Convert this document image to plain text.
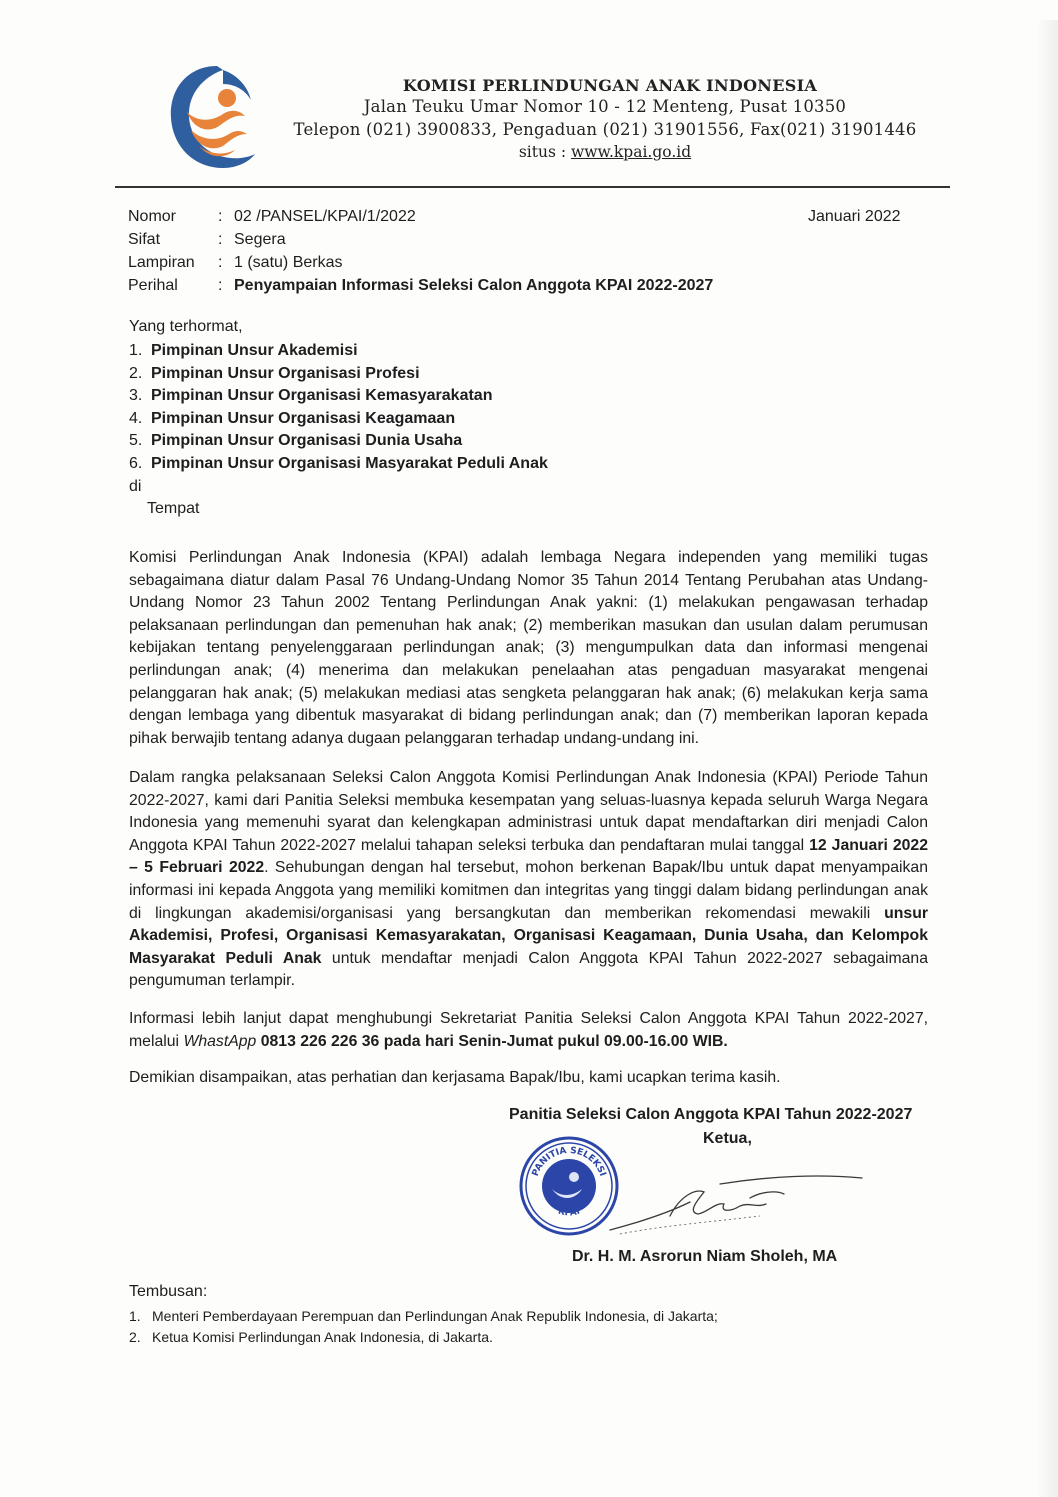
KOMISI PERLINDUNGAN ANAK INDONESIA
Jalan Teuku Umar Nomor 10 - 12 Menteng, Pusat 10350
Telepon (021) 3900833, Pengaduan (021) 31901556, Fax(021) 31901446
situs : www.kpai.go.id
Nomor	: 02 /PANSEL/KPAI/1/2022
Sifat	: Segera
Lampiran	: 1 (satu) Berkas
Perihal	: Penyampaian Informasi Seleksi Calon Anggota KPAI 2022-2027
Januari 2022
Yang terhormat,
1. Pimpinan Unsur Akademisi
2. Pimpinan Unsur Organisasi Profesi
3. Pimpinan Unsur Organisasi Kemasyarakatan
4. Pimpinan Unsur Organisasi Keagamaan
5. Pimpinan Unsur Organisasi Dunia Usaha
6. Pimpinan Unsur Organisasi Masyarakat Peduli Anak
di
Tempat

Komisi Perlindungan Anak Indonesia (KPAI) adalah lembaga Negara independen yang memiliki tugas sebagaimana diatur dalam Pasal 76 Undang-Undang Nomor 35 Tahun 2014 Tentang Perubahan atas Undang-Undang Nomor 23 Tahun 2002 Tentang Perlindungan Anak yakni: (1) melakukan pengawasan terhadap pelaksanaan perlindungan dan pemenuhan hak anak; (2) memberikan masukan dan usulan dalam perumusan kebijakan tentang penyelenggaraan perlindungan anak; (3) mengumpulkan data dan informasi mengenai perlindungan anak; (4) menerima dan melakukan penelaahan atas pengaduan masyarakat mengenai pelanggaran hak anak; (5) melakukan mediasi atas sengketa pelanggaran hak anak; (6) melakukan kerja sama dengan lembaga yang dibentuk masyarakat di bidang perlindungan anak; dan (7) memberikan laporan kepada pihak berwajib tentang adanya dugaan pelanggaran terhadap undang-undang ini.

Dalam rangka pelaksanaan Seleksi Calon Anggota Komisi Perlindungan Anak Indonesia (KPAI) Periode Tahun 2022-2027, kami dari Panitia Seleksi membuka kesempatan yang seluas-luasnya kepada seluruh Warga Negara Indonesia yang memenuhi syarat dan kelengkapan administrasi untuk dapat mendaftarkan diri menjadi Calon Anggota KPAI Tahun 2022-2027 melalui tahapan seleksi terbuka dan pendaftaran mulai tanggal 12 Januari 2022 – 5 Februari 2022. Sehubungan dengan hal tersebut, mohon berkenan Bapak/Ibu untuk dapat menyampaikan informasi ini kepada Anggota yang memiliki komitmen dan integritas yang tinggi dalam bidang perlindungan anak di lingkungan akademisi/organisasi yang bersangkutan dan memberikan rekomendasi mewakili unsur Akademisi, Profesi, Organisasi Kemasyarakatan, Organisasi Keagamaan, Dunia Usaha, dan Kelompok Masyarakat Peduli Anak untuk mendaftar menjadi Calon Anggota KPAI Tahun 2022-2027 sebagaimana pengumuman terlampir.

Informasi lebih lanjut dapat menghubungi Sekretariat Panitia Seleksi Calon Anggota KPAI Tahun 2022-2027, melalui WhastApp 0813 226 226 36 pada hari Senin-Jumat pukul 09.00-16.00 WIB.

Demikian disampaikan, atas perhatian dan kerjasama Bapak/Ibu, kami ucapkan terima kasih.

Panitia Seleksi Calon Anggota KPAI Tahun 2022-2027
Ketua,
PANITIA SELEKSI
KPAI
Dr. H. M. Asrorun Niam Sholeh, MA
Tembusan:
1. Menteri Pemberdayaan Perempuan dan Perlindungan Anak Republik Indonesia, di Jakarta;
2. Ketua Komisi Perlindungan Anak Indonesia, di Jakarta.
